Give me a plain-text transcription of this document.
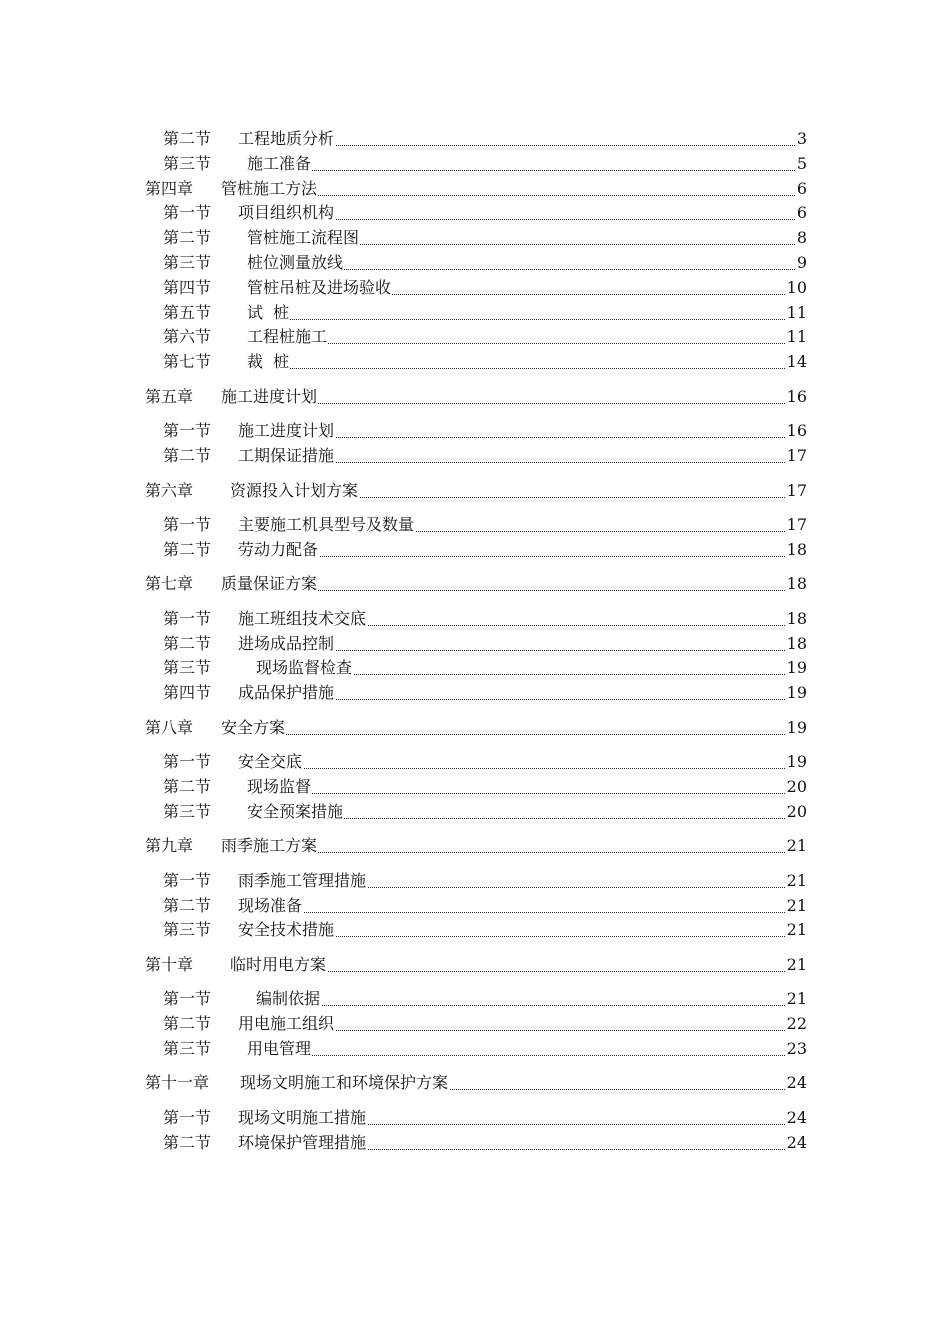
第二节 工程地质分析	3
第三节 施工准备	5
第四章 管桩施工方法	6
第一节 项目组织机构	6
第二节 管桩施工流程图	8
第三节 桩位测量放线	9
第四节 管桩吊桩及进场验收	10
第五节 试  桩	11
第六节 工程桩施工	11
第七节 裁  桩	14
第五章 施工进度计划	16
第一节 施工进度计划	16
第二节 工期保证措施	17
第六章 资源投入计划方案	17
第一节 主要施工机具型号及数量	17
第二节 劳动力配备	18
第七章 质量保证方案	18
第一节 施工班组技术交底	18
第二节 进场成品控制	18
第三节	现场监督检查	19
第四节 成品保护措施	19
第八章 安全方案	19
第一节 安全交底	19
第二节 现场监督	20
第三节 安全预案措施	20
第九章 雨季施工方案	21
第一节 雨季施工管理措施	21
第二节 现场准备	21
第三节 安全技术措施	21
第十章 临时用电方案	21
第一节	编制依据	21
第二节 用电施工组织	22
第三节 用电管理	23
第十一章 现场文明施工和环境保护方案	24
第一节 现场文明施工措施	24
第二节 环境保护管理措施	24
